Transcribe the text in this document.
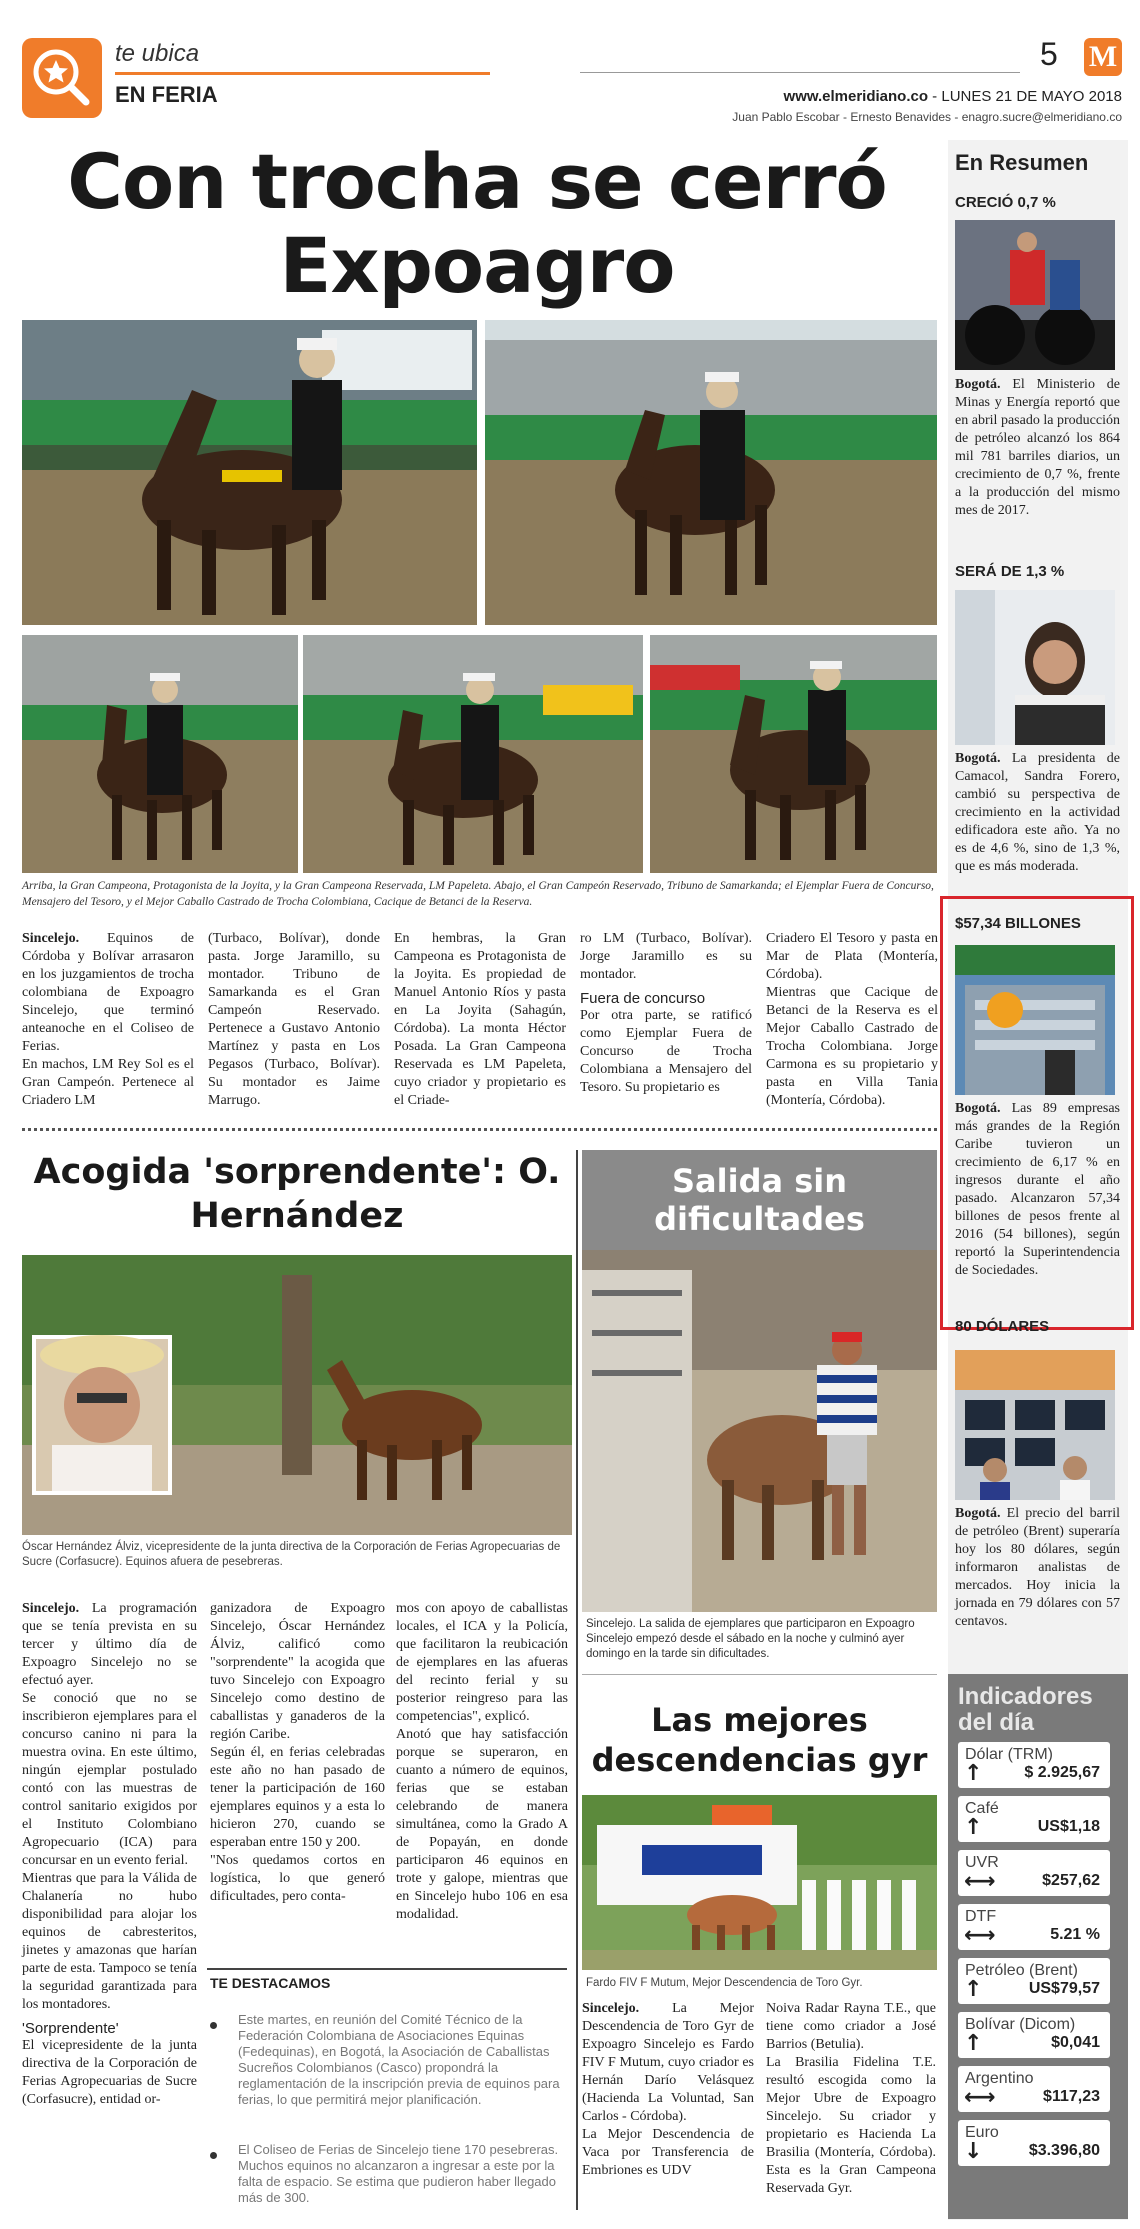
te ubica
EN FERIA
5 M
www.elmeridiano.co - LUNES 21 DE MAYO 2018
Juan Pablo Escobar - Ernesto Benavides - enagro.sucre@elmeridiano.co
Con trocha se cerró Expoagro
Arriba, la Gran Campeona, Protagonista de la Joyita, y la Gran Campeona Reservada, LM Papeleta. Abajo, el Gran Campeón Reservado, Tribuno de Samarkanda; el Ejemplar Fuera de Concurso, Mensajero del Tesoro, y el Mejor Caballo Castrado de Trocha Colombiana, Cacique de Betanci de la Reserva.
Sincelejo. Equinos de Córdoba y Bolívar arrasaron en los juzgamientos de trocha colombiana de Expoagro Sincelejo, que terminó anteanoche en el Coliseo de Ferias.
En machos, LM Rey Sol es el Gran Campeón. Pertenece al Criadero LM
(Turbaco, Bolívar), donde pasta. Jorge Jaramillo, su montador. Tribuno de Samarkanda es el Gran Campeón Reservado. Pertenece a Gustavo Antonio Martínez y pasta en Los Pegasos (Turbaco, Bolívar). Su montador es Jaime Marrugo.
En hembras, la Gran Campeona es Protagonista de la Joyita. Es propiedad de Manuel Antonio Ríos y pasta en La Joyita (Sahagún, Córdoba). La monta Héctor Posada. La Gran Campeona Reservada es LM Papeleta, cuyo criador y propietario es el Criade-
ro LM (Turbaco, Bolívar). Jorge Jaramillo es su montador.
Fuera de concurso
Por otra parte, se ratificó como Ejemplar Fuera de Concurso de Trocha Colombiana a Mensajero del Tesoro. Su propietario es
Criadero El Tesoro y pasta en Mar de Plata (Montería, Córdoba).
Mientras que Cacique de Betanci de la Reserva es el Mejor Caballo Castrado de Trocha Colombiana. Jorge Carmona es su propietario y pasta en Villa Tania (Montería, Córdoba).
Acogida 'sorprendente': O. Hernández
Óscar Hernández Álviz, vicepresidente de la junta directiva de la Corporación de Ferias Agropecuarias de Sucre (Corfasucre). Equinos afuera de pesebreras.
Sincelejo. La programación que se tenía prevista en su tercer y último día de Expoagro Sincelejo no se efectuó ayer.
Se conoció que no se inscribieron ejemplares para el concurso canino ni para la muestra ovina. En este último, ningún ejemplar postulado contó con las muestras de control sanitario exigidos por el Instituto Colombiano Agropecuario (ICA) para concursar en un evento ferial.
Mientras que para la Válida de Chalanería no hubo disponibilidad para alojar los equinos de cabresteritos, jinetes y amazonas que harían parte de esta. Tampoco se tenía la seguridad garantizada para los montadores.
'Sorprendente'
El vicepresidente de la junta directiva de la Corporación de Ferias Agropecuarias de Sucre (Corfasucre), entidad or-
ganizadora de Expoagro Sincelejo, Óscar Hernández Álviz, calificó como "sorprendente" la acogida que tuvo Sincelejo con Expoagro Sincelejo como destino de caballistas y ganaderos de la región Caribe.
Según él, en ferias celebradas este año no han pasado de tener la participación de 160 ejemplares equinos y a esta lo hicieron 270, cuando se esperaban entre 150 y 200.
"Nos quedamos cortos en logística, lo que generó dificultades, pero conta-
mos con apoyo de caballistas locales, el ICA y la Policía, que facilitaron la reubicación de ejemplares en las afueras del recinto ferial y su posterior reingreso para las competencias", explicó.
Anotó que hay satisfacción porque se superaron, en cuanto a número de equinos, ferias que se estaban celebrando de manera simultánea, como la Grado A de Popayán, en donde participaron 46 equinos en trote y galope, mientras que en Sincelejo hubo 106 en esa modalidad.
TE DESTACAMOS
Este martes, en reunión del Comité Técnico de la Federación Colombiana de Asociaciones Equinas (Fedequinas), en Bogotá, la Asociación de Caballistas Sucreños Colombianos (Casco) propondrá la reglamentación de la inscripción previa de equinos para ferias, lo que permitirá mejor planificación.
El Coliseo de Ferias de Sincelejo tiene 170 pesebreras. Muchos equinos no alcanzaron a ingresar a este por la falta de espacio. Se estima que pudieron haber llegado más de 300.
Salida sin dificultades
Sincelejo. La salida de ejemplares que participaron en Expoagro Sincelejo empezó desde el sábado en la noche y culminó ayer domingo en la tarde sin dificultades.
Las mejores descendencias gyr
Fardo FIV F Mutum, Mejor Descendencia de Toro Gyr.
Sincelejo. La Mejor Descendencia de Toro Gyr de Expoagro Sincelejo es Fardo FIV F Mutum, cuyo criador es Hernán Darío Velásquez (Hacienda La Voluntad, San Carlos - Córdoba).
La Mejor Descendencia de Vaca por Transferencia de Embriones es UDV
Noiva Radar Rayna T.E., que tiene como criador a José Barrios (Betulia).
La Brasilia Fidelina T.E. resultó escogida como la Mejor Ubre de Expoagro Sincelejo. Su criador y propietario es Hacienda La Brasilia (Montería, Córdoba). Esta es la Gran Campeona Reservada Gyr.
En Resumen
CRECIÓ 0,7 %
Bogotá. El Ministerio de Minas y Energía reportó que en abril pasado la producción de petróleo alcanzó los 864 mil 781 barriles diarios, un crecimiento de 0,7 %, frente a la producción del mismo mes de 2017.
SERÁ DE 1,3 %
Bogotá. La presidenta de Camacol, Sandra Forero, cambió su perspectiva de crecimiento en la actividad edificadora este año. Ya no es de 4,6 %, sino de 1,3 %, que es más moderada.
$57,34 BILLONES
Bogotá. Las 89 empresas más grandes de la Región Caribe tuvieron un crecimiento de 6,17 % en ingresos durante el año pasado. Alcanzaron 57,34 billones de pesos frente al 2016 (54 billones), según reportó la Superintendencia de Sociedades.
80 DÓLARES
Bogotá. El precio del barril de petróleo (Brent) superaría hoy los 80 dólares, según informaron analistas de mercados. Hoy inicia la jornada en 79 dólares con 57 centavos.
Indicadores del día
Dólar (TRM)
↑	$ 2.925,67
Café
↑	US$1,18
UVR
⟷	$257,62
DTF
⟷	5.21 %
Petróleo (Brent)
↑	US$79,57
Bolívar (Dicom)
↑	$0,041
Argentino
⟷	$117,23
Euro
↓	$3.396,80
